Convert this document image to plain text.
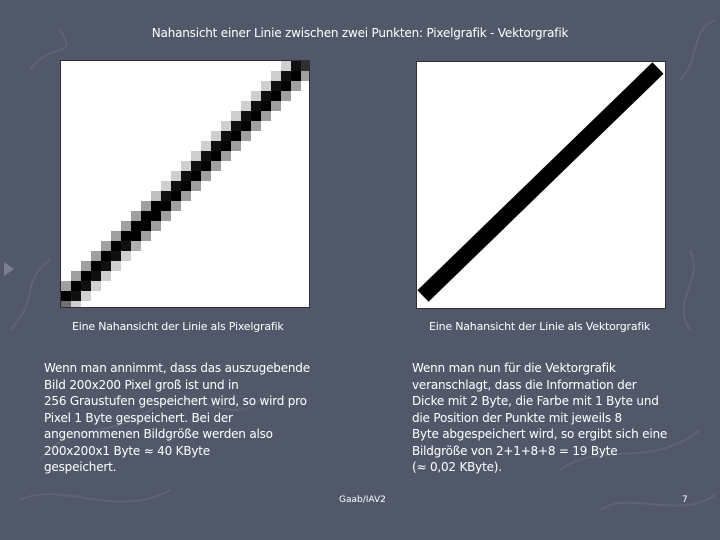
Nahansicht einer Linie zwischen zwei Punkten: Pixelgrafik - Vektorgrafik
Eine Nahansicht der Linie als Pixelgrafik	Eine Nahansicht der Linie als Vektorgrafik
Wenn man annimmt, dass das auszugebende
Bild 200x200 Pixel groß ist und in
256 Graustufen gespeichert wird, so wird pro
Pixel 1 Byte gespeichert. Bei der
angenommenen Bildgröße werden also
200x200x1 Byte ≈ 40 KByte
gespeichert.
Wenn man nun für die Vektorgrafik
veranschlagt, dass die Information der
Dicke mit 2 Byte, die Farbe mit 1 Byte und
die Position der Punkte mit jeweils 8
Byte abgespeichert wird, so ergibt sich eine
Bildgröße von 2+1+8+8 = 19 Byte
(≈ 0,02 KByte).
Gaab/IAV2	7
